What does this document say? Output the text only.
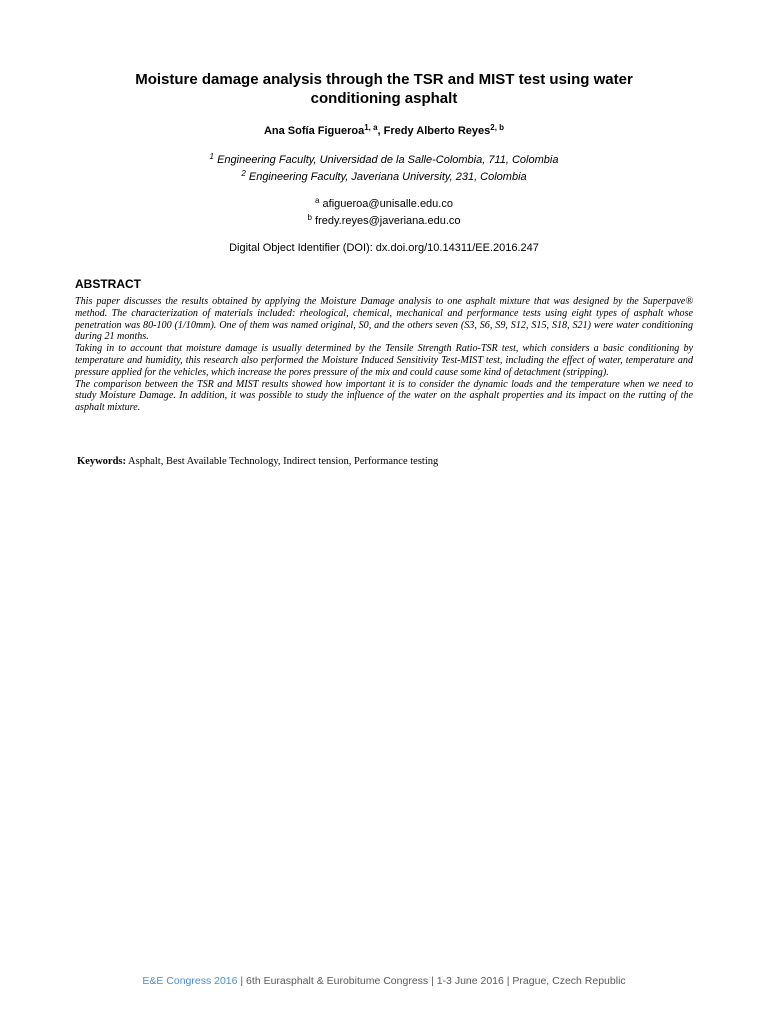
Moisture damage analysis through the TSR and MIST test using water
conditioning asphalt
Ana Sofía Figueroa$^{1, a}$, Fredy Alberto Reyes$^{2, b}$
$^1$ Engineering Faculty, Universidad de la Salle-Colombia, 711, Colombia
$^2$ Engineering Faculty, Javeriana University, 231, Colombia
$^a$ afigueroa@unisalle.edu.co
$^b$ fredy.reyes@javeriana.edu.co
Digital Object Identifier (DOI): dx.doi.org/10.14311/EE.2016.247
ABSTRACT

This paper discusses the results obtained by applying the Moisture Damage analysis to one asphalt mixture that was designed by the Superpave® method. The characterization of materials included: rheological, chemical, mechanical and performance tests using eight types of asphalt whose penetration was 80-100 (1/10mm). One of them was named original, S0, and the others seven (S3, S6, S9, S12, S15, S18, S21) were water conditioning during 21 months.

Taking in to account that moisture damage is usually determined by the Tensile Strength Ratio-TSR test, which considers a basic conditioning by temperature and humidity, this research also performed the Moisture Induced Sensitivity Test-MIST test, including the effect of water, temperature and pressure applied for the vehicles, which increase the pores pressure of the mix and could cause some kind of detachment (stripping).

The comparison between the TSR and MIST results showed how important it is to consider the dynamic loads and the temperature when we need to study Moisture Damage. In addition, it was possible to study the influence of the water on the asphalt properties and its impact on the rutting of the asphalt mixture.

Keywords: Asphalt, Best Available Technology, Indirect tension, Performance testing
E&E Congress 2016 | 6th Eurasphalt & Eurobitume Congress | 1-3 June 2016 | Prague, Czech Republic
